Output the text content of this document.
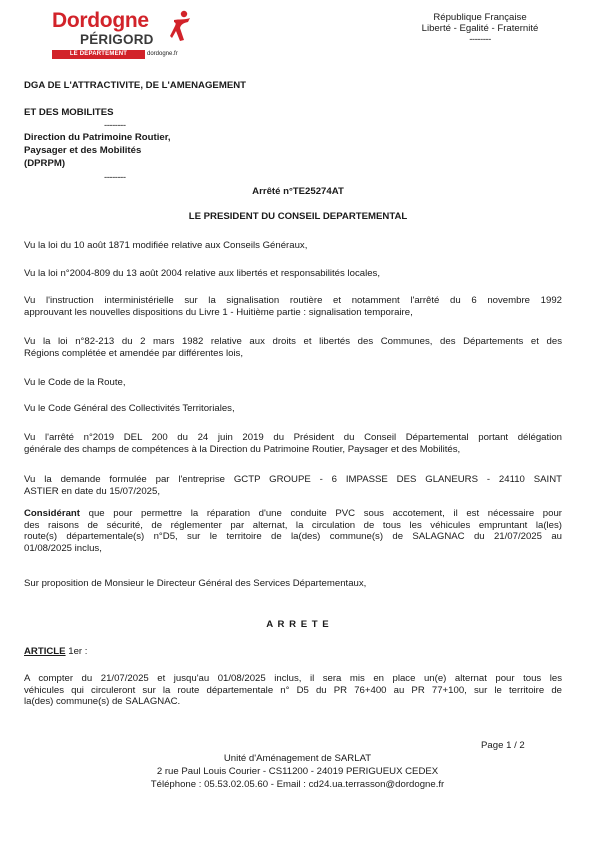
Dordogne
PÉRIGORD
LE DÉPARTEMENT	dordogne.fr
République Française
Liberté - Egalité - Fraternité
--------
DGA DE L'ATTRACTIVITE, DE L'AMENAGEMENT
ET DES MOBILITES
--------
Direction du Patrimoine Routier,
Paysager et des Mobilités
(DPRPM)
--------
Arrêté n°TE25274AT
LE PRESIDENT DU CONSEIL DEPARTEMENTAL
Vu la loi du 10 août 1871 modifiée relative aux Conseils Généraux,
Vu la loi n°2004-809 du 13 août 2004 relative aux libertés et responsabilités locales,
Vu l'instruction interministérielle sur la signalisation routière et notamment l'arrêté du 6 novembre 1992
approuvant les nouvelles dispositions du Livre 1 - Huitième partie : signalisation temporaire,
Vu la loi n°82-213 du 2 mars 1982 relative aux droits et libertés des Communes, des Départements et des
Régions complétée et amendée par différentes lois,
Vu le Code de la Route,
Vu le Code Général des Collectivités Territoriales,
Vu l'arrêté n°2019 DEL 200 du 24 juin 2019 du Président du Conseil Départemental portant délégation
générale des champs de compétences à la Direction du Patrimoine Routier, Paysager et des Mobilités,
Vu la demande formulée par l'entreprise GCTP GROUPE - 6 IMPASSE DES GLANEURS - 24110 SAINT
ASTIER en date du 15/07/2025,
Considérant que pour permettre la réparation d'une conduite PVC sous accotement, il est nécessaire pour
des raisons de sécurité, de réglementer par alternat, la circulation de tous les véhicules empruntant la(les)
route(s) départementale(s) n°D5, sur le territoire de la(des) commune(s) de SALAGNAC du 21/07/2025 au
01/08/2025 inclus,
Sur proposition de Monsieur le Directeur Général des Services Départementaux,
A R R E T E
ARTICLE 1er :
A compter du 21/07/2025 et jusqu'au 01/08/2025 inclus, il sera mis en place un(e) alternat pour tous les
véhicules qui circuleront sur la route départementale n° D5 du PR 76+400 au PR 77+100, sur le territoire de
la(des) commune(s) de SALAGNAC.
Page 1 / 2
Unité d'Aménagement de SARLAT
2 rue Paul Louis Courier - CS11200 - 24019 PERIGUEUX CEDEX
Téléphone : 05.53.02.05.60 - Email : cd24.ua.terrasson@dordogne.fr
